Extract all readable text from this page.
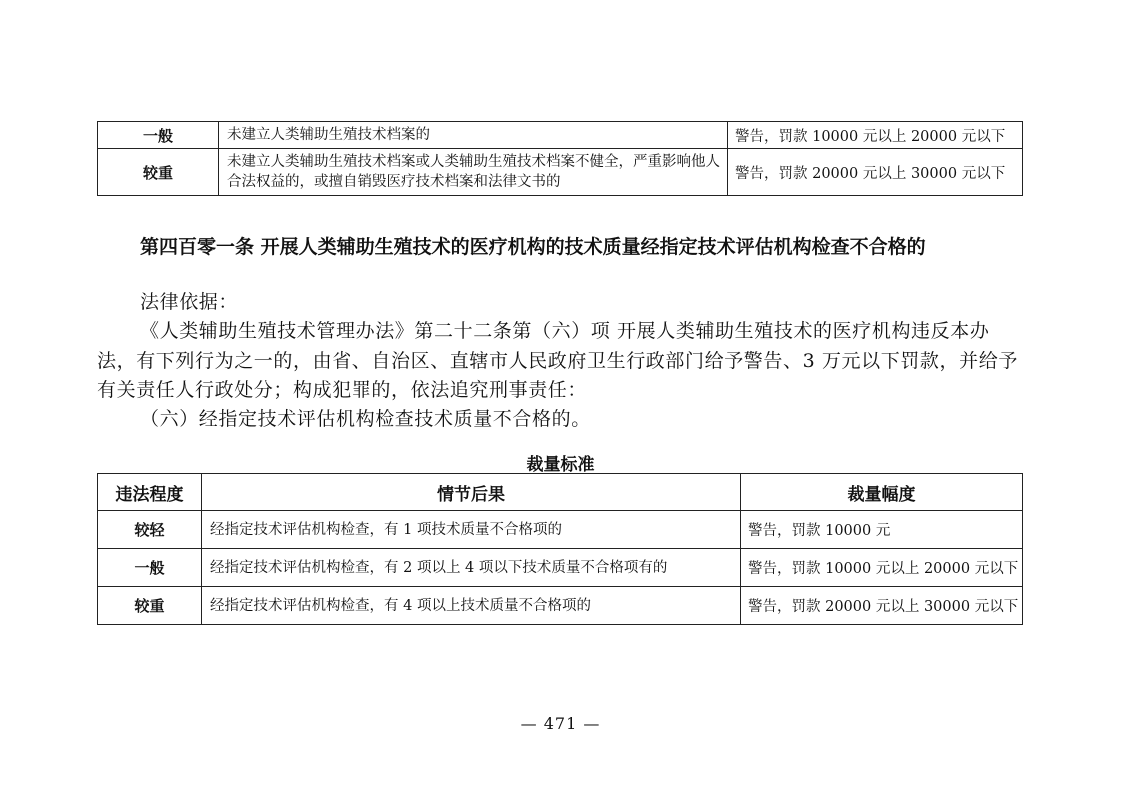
一般	未建立人类辅助生殖技术档案的	警告，罚款 10000 元以上 20000 元以下
较重	未建立人类辅助生殖技术档案或人类辅助生殖技术档案不健全，严重影响他人合法权益的，或擅自销毁医疗技术档案和法律文书的	警告，罚款 20000 元以上 30000 元以下

第四百零一条 开展人类辅助生殖技术的医疗机构的技术质量经指定技术评估机构检查不合格的

法律依据：

《人类辅助生殖技术管理办法》第二十二条第（六）项 开展人类辅助生殖技术的医疗机构违反本办法，有下列行为之一的，由省、自治区、直辖市人民政府卫生行政部门给予警告、3 万元以下罚款，并给予有关责任人行政处分；构成犯罪的，依法追究刑事责任：

（六）经指定技术评估机构检查技术质量不合格的。

裁量标准
违法程度	情节后果	裁量幅度
较轻	经指定技术评估机构检查，有 1 项技术质量不合格项的	警告，罚款 10000 元
一般	经指定技术评估机构检查，有 2 项以上 4 项以下技术质量不合格项有的	警告，罚款 10000 元以上 20000 元以下
较重	经指定技术评估机构检查，有 4 项以上技术质量不合格项的	警告，罚款 20000 元以上 30000 元以下
— 471 —
